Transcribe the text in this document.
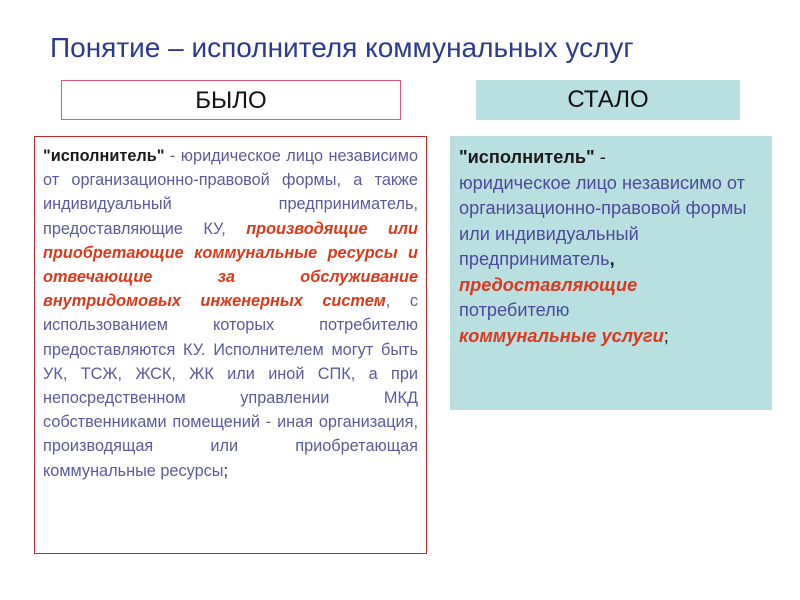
Понятие – исполнителя коммунальных услуг
БЫЛО	СТАЛО
"исполнитель" - юридическое лицо независимо от организационно-правовой формы, а также индивидуальный предприниматель, предоставляющие КУ, производящие или приобретающие коммунальные ресурсы и отвечающие за обслуживание внутридомовых инженерных систем, с использованием которых потребителю предоставляются КУ. Исполнителем могут быть УК, ТСЖ, ЖСК, ЖК или иной СПК, а при непосредственном управлении МКД собственниками помещений - иная организация, производящая или приобретающая коммунальные ресурсы;
"исполнитель" -
юридическое лицо независимо от организационно-правовой формы или индивидуальный предприниматель,
предоставляющие
потребителю
коммунальные услуги;
